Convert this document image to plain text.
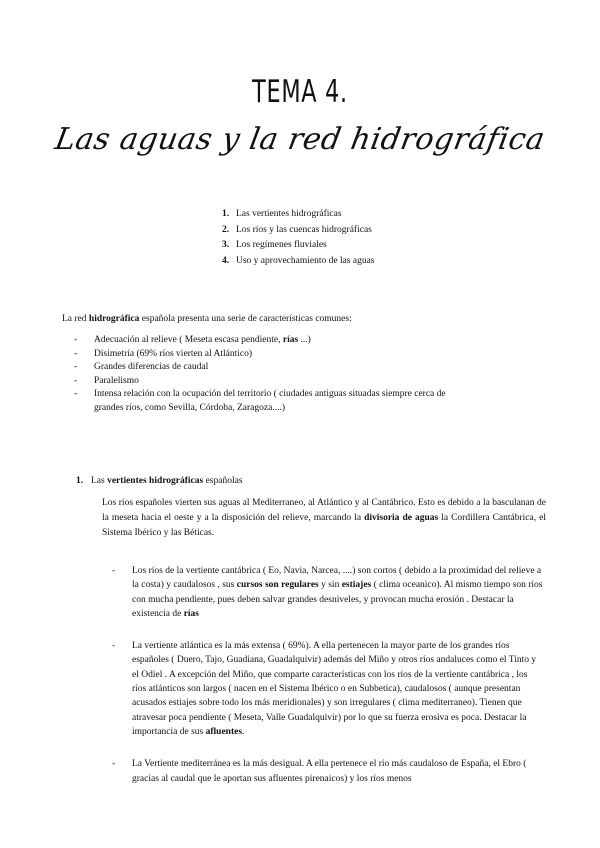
TEMA 4.
Las aguas y la red hidrográfica
1. Las vertientes hidrográficas
2. Los ríos y las cuencas hidrográficas
3. Los regímenes fluviales
4. Uso y aprovechamiento de las aguas
La red hidrográfica española presenta una serie de características comunes:
- Adecuación al relieve ( Meseta escasa pendiente, rías ...)
- Disimetría (69% ríos vierten al Atlántico)
- Grandes diferencias de caudal
- Paralelismo
- Intensa relación con la ocupación del territorio ( ciudades antiguas situadas siempre cerca de grandes ríos, como Sevilla, Córdoba, Zaragoza....)
1. Las vertientes hidrográficas españolas
Los ríos españoles vierten sus aguas al Mediterraneo, al Atlántico y al Cantábrico. Esto es debido a la basculanan de la meseta hacia el oeste y a la disposición del relieve, marcando la divisoria de aguas la Cordillera Cantábrica, el Sistema Ibérico y las Béticas.
- Los ríos de la vertiente cantábrica ( Eo, Navia, Narcea, ....) son cortos ( debido a la proximidad del relieve a la costa) y caudalosos , sus cursos son regulares y sin estiajes ( clima oceanico). Al mismo tiempo son ríos con mucha pendiente, pues deben salvar grandes desniveles, y provocan mucha erosión . Destacar la existencia de rías
- La vertiente atlántica es la más extensa ( 69%). A ella pertenecen la mayor parte de los grandes ríos españoles ( Duero, Tajo, Guadiana, Guadalquivir) además del Miño y otros ríos andaluces como el Tinto y el Odiel . A excepción del Miño, que comparte características con los ríos de la vertiente cantábrica , los ríos atlánticos son largos ( nacen en el Sistema Ibérico o en Subbetica), caudalosos ( aunque presentan acusados estiajes sobre todo los más meridionales) y son irregulares ( clima mediterraneo). Tienen que atravesar poca pendiente ( Meseta, Valle Guadalquivir) por lo que su fuerza erosiva es poca. Destacar la importancia de sus afluentes.
- La Vertiente mediterránea es la más desigual. A ella pertenece el río más caudaloso de España, el Ebro ( gracias al caudal que le aportan sus afluentes pirenaicos) y los ríos menos
